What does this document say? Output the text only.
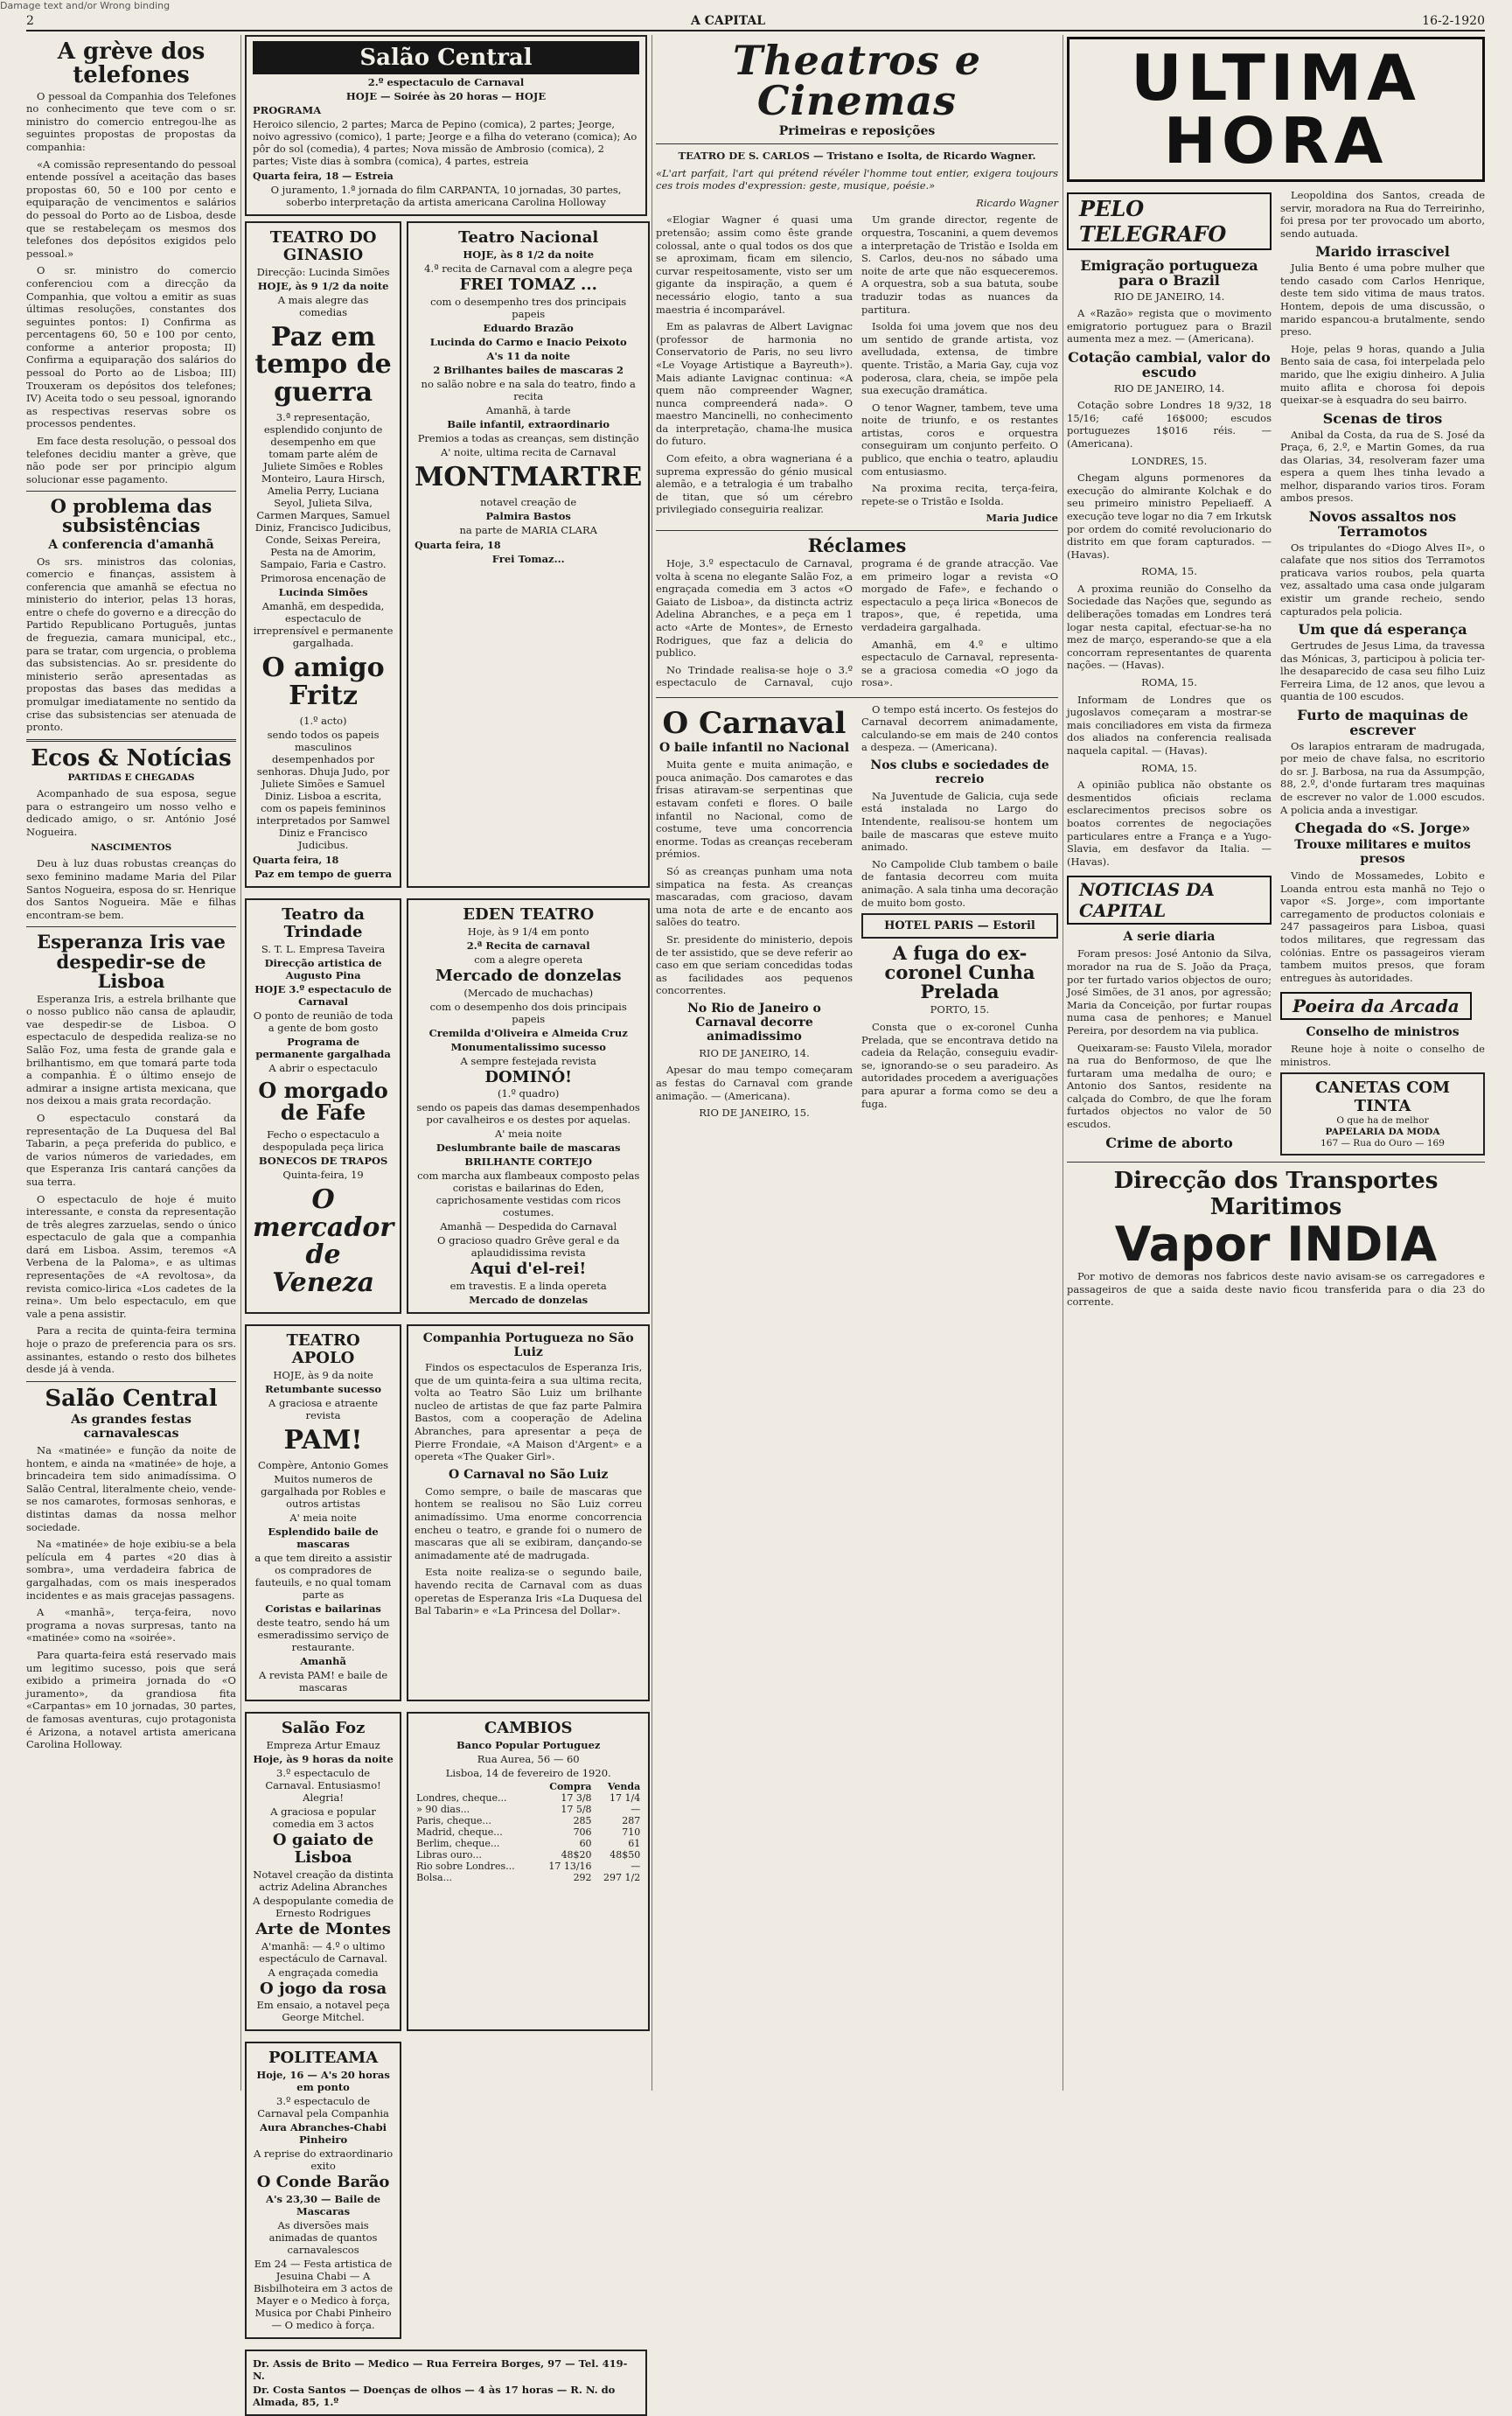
Damage text and/or Wrong binding
2	A CAPITAL	16-2-1920
A grève dos telefones

O pessoal da Companhia dos Telefones no conhecimento que teve com o sr. ministro do comercio entregou-lhe as seguintes propostas de propostas da companhia:

«A comissão representando do pessoal entende possível a aceitação das bases propostas 60, 50 e 100 por cento e equiparação de vencimentos e salários do pessoal do Porto ao de Lisboa, desde que se restabeleçam os mesmos dos telefones dos depósitos exigidos pelo pessoal.»

O sr. ministro do comercio conferenciou com a direcção da Companhia, que voltou a emitir as suas últimas resoluções, constantes dos seguintes pontos: I) Confirma as percentagens 60, 50 e 100 por cento, conforme a anterior proposta; II) Confirma a equiparação dos salários do pessoal do Porto ao de Lisboa; III) Trouxeram os depósitos dos telefones; IV) Aceita todo o seu pessoal, ignorando as respectivas reservas sobre os processos pendentes.

Em face desta resolução, o pessoal dos telefones decidiu manter a grève, que não pode ser por principio algum solucionar esse pagamento.

O problema das subsistências
A conferencia d'amanhã

Os srs. ministros das colonias, comercio e finanças, assistem à conferencia que amanhã se efectua no ministerio do interior, pelas 13 horas, entre o chefe do governo e a direcção do Partido Republicano Português, juntas de freguezia, camara municipal, etc., para se tratar, com urgencia, o problema das subsistencias. Ao sr. presidente do ministerio serão apresentadas as propostas das bases das medidas a promulgar imediatamente no sentido da crise das subsistencias ser atenuada de pronto.

Ecos & Notícias
PARTIDAS E CHEGADAS

Acompanhado de sua esposa, segue para o estrangeiro um nosso velho e dedicado amigo, o sr. António José Nogueira.

NASCIMENTOS

Deu à luz duas robustas creanças do sexo feminino madame Maria del Pilar Santos Nogueira, esposa do sr. Henrique dos Santos Nogueira. Mãe e filhas encontram-se bem.

Esperanza Iris vae despedir-se de Lisboa

Esperanza Iris, a estrela brilhante que o nosso publico não cansa de aplaudir, vae despedir-se de Lisboa. O espectaculo de despedida realiza-se no Salão Foz, uma festa de grande gala e brilhantismo, em que tomará parte toda a companhia. É o último ensejo de admirar a insigne artista mexicana, que nos deixou a mais grata recordação.

O espectaculo constará da representação de La Duquesa del Bal Tabarin, a peça preferida do publico, e de varios números de variedades, em que Esperanza Iris cantará canções da sua terra.

O espectaculo de hoje é muito interessante, e consta da representação de três alegres zarzuelas, sendo o único espectaculo de gala que a companhia dará em Lisboa. Assim, teremos «A Verbena de la Paloma», e as ultimas representações de «A revoltosa», da revista comico-lirica «Los cadetes de la reina». Um belo espectaculo, em que vale a pena assistir.

Para a recita de quinta-feira termina hoje o prazo de preferencia para os srs. assinantes, estando o resto dos bilhetes desde já à venda.

Salão Central
As grandes festas carnavalescas

Na «matinée» e função da noite de hontem, e ainda na «matinée» de hoje, a brincadeira tem sido animadíssima. O Salão Central, literalmente cheio, vende-se nos camarotes, formosas senhoras, e distintas damas da nossa melhor sociedade.

Na «matinée» de hoje exibiu-se a bela película em 4 partes «20 dias à sombra», uma verdadeira fabrica de gargalhadas, com os mais inesperados incidentes e as mais gracejas passagens.

A «manhã», terça-feira, novo programa a novas surpresas, tanto na «matinée» como na «soirée».

Para quarta-feira está reservado mais um legitimo sucesso, pois que será exibido a primeira jornada do «O juramento», da grandiosa fita «Carpantas» em 10 jornadas, 30 partes, de famosas aventuras, cujo protagonista é Arizona, a notavel artista americana Carolina Holloway.

Salão Central
2.º espectaculo de Carnaval
HOJE — Soirée às 20 horas — HOJE
PROGRAMA
Heroico silencio, 2 partes; Marca de Pepino (comica), 2 partes; Jeorge, noivo agressivo (comico), 1 parte; Jeorge e a filha do veterano (comica); Ao pôr do sol (comedia), 4 partes; Nova missão de Ambrosio (comica), 2 partes; Viste dias à sombra (comica), 4 partes, estreia
Quarta feira, 18 — Estreia
O juramento, 1.ª jornada do film CARPANTA, 10 jornadas, 30 partes, soberbo interpretação da artista americana Carolina Holloway
TEATRO DO GINASIO
Direcção: Lucinda Simões
HOJE, às 9 1/2 da noite
A mais alegre das comedias
Paz em tempo de guerra
3.ª representação, esplendido conjunto de desempenho em que tomam parte além de Juliete Simões e Robles Monteiro, Laura Hirsch, Amelia Perry, Luciana Seyol, Julieta Silva, Carmen Marques, Samuel Diniz, Francisco Judicibus, Conde, Seixas Pereira, Pesta na de Amorim, Sampaio, Faria e Castro.
Primorosa encenação de
Lucinda Simões
Amanhã, em despedida, espectaculo de irreprensível e permanente gargalhada.
O amigo Fritz
(1.º acto)
sendo todos os papeis masculinos desempenhados por senhoras. Dhuja Judo, por Juliete Simões e Samuel Diniz. Lisboa a escrita, com os papeis femininos interpretados por Samwel Diniz e Francisco Judicibus.
Quarta feira, 18
Paz em tempo de guerra
Teatro Nacional
HOJE, às 8 1/2 da noite
4.ª recita de Carnaval com a alegre peça
FREI TOMAZ ...
com o desempenho tres dos principais papeis
Eduardo Brazão
Lucinda do Carmo e Inacio Peixoto
A's 11 da noite
2 Brilhantes bailes de mascaras 2
no salão nobre e na sala do teatro, findo a recita
Amanhã, à tarde
Baile infantil, extraordinario
Premios a todas as creanças, sem distinção
A' noite, ultima recita de Carnaval
MONTMARTRE
notavel creação de
Palmira Bastos
na parte de MARIA CLARA
Quarta feira, 18
Frei Tomaz...
Teatro da Trindade
S. T. L. Empresa Taveira
Direcção artistica de Augusto Pina
HOJE 3.º espectaculo de Carnaval
O ponto de reunião de toda a gente de bom gosto
Programa de permanente gargalhada
A abrir o espectaculo
O morgado de Fafe
Fecho o espectaculo a despopulada peça lirica
BONECOS DE TRAPOS
Quinta-feira, 19
O mercador de Veneza
EDEN TEATRO
Hoje, às 9 1/4 em ponto
2.ª Recita de carnaval
com a alegre opereta
Mercado de donzelas
(Mercado de muchachas)
com o desempenho dos dois principais papeis
Cremilda d'Oliveira e Almeida Cruz
Monumentalissimo sucesso
A sempre festejada revista
DOMINÓ!
(1.º quadro)
sendo os papeis das damas desempenhados por cavalheiros e os destes por aquelas.
A' meia noite
Deslumbrante baile de mascaras
BRILHANTE CORTEJO
com marcha aux flambeaux composto pelas coristas e bailarinas do Eden, caprichosamente vestidas com ricos costumes.
Amanhã — Despedida do Carnaval
O gracioso quadro Grêve geral e da aplaudidissima revista
Aqui d'el-rei!
em travestis. E a linda opereta
Mercado de donzelas
TEATRO APOLO
HOJE, às 9 da noite
Retumbante sucesso
A graciosa e atraente revista
PAM!
Compère, Antonio Gomes
Muitos numeros de gargalhada por Robles e outros artistas
A' meia noite
Esplendido baile de mascaras
a que tem direito a assistir os compradores de fauteuils, e no qual tomam parte as
Coristas e bailarinas
deste teatro, sendo há um esmeradissimo serviço de restaurante.
Amanhã
A revista PAM! e baile de mascaras
Companhia Portugueza no São Luiz

Findos os espectaculos de Esperanza Iris, que de um quinta-feira a sua ultima recita, volta ao Teatro São Luiz um brilhante nucleo de artistas de que faz parte Palmira Bastos, com a cooperação de Adelina Abranches, para apresentar a peça de Pierre Frondaie, «A Maison d'Argent» e a opereta «The Quaker Girl».

O Carnaval no São Luiz

Como sempre, o baile de mascaras que hontem se realisou no São Luiz correu animadíssimo. Uma enorme concorrencia encheu o teatro, e grande foi o numero de mascaras que ali se exibiram, dançando-se animadamente até de madrugada.

Esta noite realiza-se o segundo baile, havendo recita de Carnaval com as duas operetas de Esperanza Iris «La Duquesa del Bal Tabarin» e «La Princesa del Dollar».

Salão Foz
Empreza Artur Emauz
Hoje, às 9 horas da noite
3.º espectaculo de Carnaval. Entusiasmo! Alegria!
A graciosa e popular comedia em 3 actos
O gaiato de Lisboa
Notavel creação da distinta actriz Adelina Abranches
A despopulante comedia de Ernesto Rodrigues
Arte de Montes
A'manhã: — 4.º o ultimo espectáculo de Carnaval.
A engraçada comedia
O jogo da rosa
Em ensaio, a notavel peça George Mitchel.
CAMBIOS
Banco Popular Portuguez
Rua Aurea, 56 — 60
Lisboa, 14 de fevereiro de 1920.
	Compra	Venda
Londres, cheque...	17 3/8	17 1/4
» 90 dias...	17 5/8	—
Paris, cheque...	285	287
Madrid, cheque...	706	710
Berlim, cheque...	60	61
Libras ouro...	48$20	48$50
Rio sobre Londres...	17 13/16	—
Bolsa...	292	297 1/2
POLITEAMA
Hoje, 16 — A's 20 horas em ponto
3.º espectaculo de Carnaval pela Companhia
Aura Abranches-Chabi Pinheiro
A reprise do extraordinario exito
O Conde Barão
A's 23,30 — Baile de Mascaras
As diversões mais animadas de quantos carnavalescos
Em 24 — Festa artistica de Jesuina Chabi — A Bisbilhoteira em 3 actos de Mayer e o Medico à força, Musica por Chabi Pinheiro — O medico à força.
Dr. Assis de Brito — Medico — Rua Ferreira Borges, 97 — Tel. 419-N.
Dr. Costa Santos — Doenças de olhos — 4 às 17 horas — R. N. do Almada, 85, 1.º
Theatros e Cinemas
Primeiras e reposições

TEATRO DE S. CARLOS — Tristano e Isolta, de Ricardo Wagner.

«L'art parfait, l'art qui prétend révéler l'homme tout entier, exigera toujours ces trois modes d'expression: geste, musique, poésie.»

Ricardo Wagner

«Elogiar Wagner é quasi uma pretensão; assim como êste grande colossal, ante o qual todos os dos que se aproximam, ficam em silencio, curvar respeitosamente, visto ser um gigante da inspiração, a quem é necessário elogio, tanto a sua maestria é incomparável.

Em as palavras de Albert Lavignac (professor de harmonia no Conservatorio de Paris, no seu livro «Le Voyage Artistique a Bayreuth»). Mais adiante Lavignac continua: «A quem não compreender Wagner, nunca compreenderá nada». O maestro Mancinelli, no conhecimento da interpretação, chama-lhe musica do futuro.

Com efeito, a obra wagneriana é a suprema expressão do génio musical alemão, e a tetralogia é um trabalho de titan, que só um cérebro privilegiado conseguiria realizar.

Um grande director, regente de orquestra, Toscanini, a quem devemos a interpretação de Tristão e Isolda em S. Carlos, deu-nos no sábado uma noite de arte que não esqueceremos. A orquestra, sob a sua batuta, soube traduzir todas as nuances da partitura.

Isolda foi uma jovem que nos deu um sentido de grande artista, voz avelludada, extensa, de timbre quente. Tristão, a Maria Gay, cuja voz poderosa, clara, cheia, se impõe pela sua execução dramática.

O tenor Wagner, tambem, teve uma noite de triunfo, e os restantes artistas, coros e orquestra conseguiram um conjunto perfeito. O publico, que enchia o teatro, aplaudiu com entusiasmo.

Na proxima recita, terça-feira, repete-se o Tristão e Isolda.

Maria Judice

Réclames

Hoje, 3.º espectaculo de Carnaval, volta à scena no elegante Salão Foz, a engraçada comedia em 3 actos «O Gaiato de Lisboa», da distincta actriz Adelina Abranches, e a peça em 1 acto «Arte de Montes», de Ernesto Rodrigues, que faz a delicia do publico.

No Trindade realisa-se hoje o 3.º espectaculo de Carnaval, cujo programa é de grande atracção. Vae em primeiro logar a revista «O morgado de Fafe», e fechando o espectaculo a peça lirica «Bonecos de trapos», que, é repetida, uma verdadeira gargalhada.

Amanhã, em 4.º e ultimo espectaculo de Carnaval, representa-se a graciosa comedia «O jogo da rosa».

O Carnaval
O baile infantil no Nacional

Muita gente e muita animação, e pouca animação. Dos camarotes e das frisas atiravam-se serpentinas que estavam confeti e flores. O baile infantil no Nacional, como de costume, teve uma concorrencia enorme. Todas as creanças receberam prémios.

Só as creanças punham uma nota simpatica na festa. As creanças mascaradas, com gracioso, davam uma nota de arte e de encanto aos salões do teatro.

Sr. presidente do ministerio, depois de ter assistido, que se deve referir ao caso em que seriam concedidas todas as facilidades aos pequenos concorrentes.

No Rio de Janeiro o Carnaval decorre animadissimo

RIO DE JANEIRO, 14.

Apesar do mau tempo começaram as festas do Carnaval com grande animação. — (Americana).

RIO DE JANEIRO, 15.

O tempo está incerto. Os festejos do Carnaval decorrem animadamente, calculando-se em mais de 240 contos a despeza. — (Americana).

Nos clubs e sociedades de recreio

Na Juventude de Galicia, cuja sede está instalada no Largo do Intendente, realisou-se hontem um baile de mascaras que esteve muito animado.

No Campolide Club tambem o baile de fantasia decorreu com muita animação. A sala tinha uma decoração de muito bom gosto.

HOTEL PARIS — Estoril
A fuga do ex-coronel Cunha Prelada

PORTO, 15.

Consta que o ex-coronel Cunha Prelada, que se encontrava detido na cadeia da Relação, conseguiu evadir-se, ignorando-se o seu paradeiro. As autoridades procedem a averiguações para apurar a forma como se deu a fuga.

ULTIMA HORA
PELO TELEGRAFO
Emigração portugueza para o Brazil

RIO DE JANEIRO, 14.

A «Razão» regista que o movimento emigratorio portuguez para o Brazil aumenta mez a mez. — (Americana).

Cotação cambial, valor do escudo

RIO DE JANEIRO, 14.

Cotação sobre Londres 18 9/32, 18 15/16; café 16$000; escudos portuguezes 1$016 réis. — (Americana).

LONDRES, 15.

Chegam alguns pormenores da execução do almirante Kolchak e do seu primeiro ministro Pepeliaeff. A execução teve logar no dia 7 em Irkutsk por ordem do comité revolucionario do distrito em que foram capturados. — (Havas).

ROMA, 15.

A proxima reunião do Conselho da Sociedade das Nações que, segundo as deliberações tomadas em Londres terá logar nesta capital, efectuar-se-ha no mez de março, esperando-se que a ela concorram representantes de quarenta nações. — (Havas).

ROMA, 15.

Informam de Londres que os jugoslavos começaram a mostrar-se mais conciliadores em vista da firmeza dos aliados na conferencia realisada naquela capital. — (Havas).

ROMA, 15.

A opinião publica não obstante os desmentidos oficiais reclama esclarecimentos precisos sobre os boatos correntes de negociações particulares entre a França e a Yugo-Slavia, em desfavor da Italia. — (Havas).

NOTICIAS DA CAPITAL
A serie diaria

Foram presos: José Antonio da Silva, morador na rua de S. João da Praça, por ter furtado varios objectos de ouro; José Simões, de 31 anos, por agressão; Maria da Conceição, por furtar roupas numa casa de penhores; e Manuel Pereira, por desordem na via publica.

Queixaram-se: Fausto Vilela, morador na rua do Benformoso, de que lhe furtaram uma medalha de ouro; e Antonio dos Santos, residente na calçada do Combro, de que lhe foram furtados objectos no valor de 50 escudos.

Crime de aborto

Leopoldina dos Santos, creada de servir, moradora na Rua do Terreirinho, foi presa por ter provocado um aborto, sendo autuada.

Marido irrascivel

Julia Bento é uma pobre mulher que tendo casado com Carlos Henrique, deste tem sido vitima de maus tratos. Hontem, depois de uma discussão, o marido espancou-a brutalmente, sendo preso.

Hoje, pelas 9 horas, quando a Julia Bento saia de casa, foi interpelada pelo marido, que lhe exigiu dinheiro. A Julia muito aflita e chorosa foi depois queixar-se à esquadra do seu bairro.

Scenas de tiros

Anibal da Costa, da rua de S. José da Praça, 6, 2.º, e Martin Gomes, da rua das Olarias, 34, resolveram fazer uma espera a quem lhes tinha levado a melhor, disparando varios tiros. Foram ambos presos.

Novos assaltos nos Terramotos

Os tripulantes do «Diogo Alves II», o calafate que nos sitios dos Terramotos praticava varios roubos, pela quarta vez, assaltado uma casa onde julgaram existir um grande recheio, sendo capturados pela policia.

Um que dá esperança

Gertrudes de Jesus Lima, da travessa das Mónicas, 3, participou à policia ter-lhe desaparecido de casa seu filho Luiz Ferreira Lima, de 12 anos, que levou a quantia de 100 escudos.

Furto de maquinas de escrever

Os larapios entraram de madrugada, por meio de chave falsa, no escritorio do sr. J. Barbosa, na rua da Assumpção, 88, 2.º, d'onde furtaram tres maquinas de escrever no valor de 1.000 escudos. A policia anda a investigar.

Chegada do «S. Jorge»
Trouxe militares e muitos presos

Vindo de Mossamedes, Lobito e Loanda entrou esta manhã no Tejo o vapor «S. Jorge», com importante carregamento de productos coloniais e 247 passageiros para Lisboa, quasi todos militares, que regressam das colónias. Entre os passageiros vieram tambem muitos presos, que foram entregues às autoridades.

Poeira da Arcada
Conselho de ministros

Reune hoje à noite o conselho de ministros.

CANETAS COM TINTA
O que ha de melhor
PAPELARIA DA MODA
167 — Rua do Ouro — 169
Direcção dos Transportes Maritimos
Vapor INDIA

Por motivo de demoras nos fabricos deste navio avisam-se os carregadores e passageiros de que a saida deste navio ficou transferida para o dia 23 do corrente.
